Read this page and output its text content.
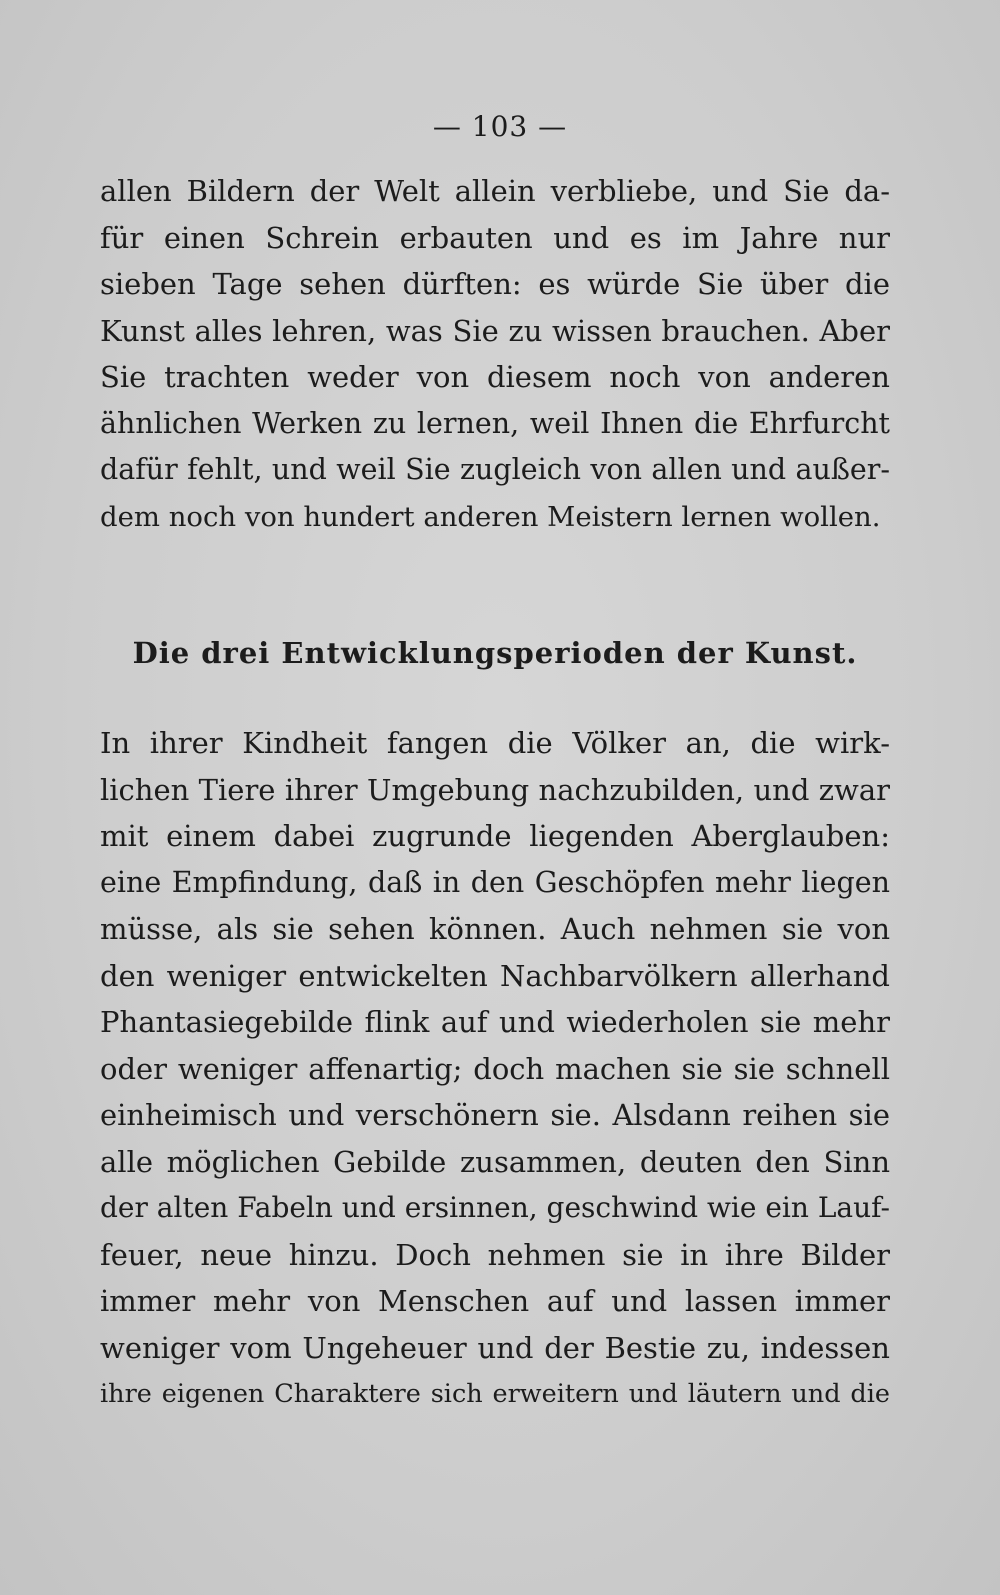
— 103 —
allen Bildern der Welt allein verbliebe, und Sie da-
für einen Schrein erbauten und es im Jahre nur
sieben Tage sehen dürften: es würde Sie über die
Kunst alles lehren, was Sie zu wissen brauchen. Aber
Sie trachten weder von diesem noch von anderen
ähnlichen Werken zu lernen, weil Ihnen die Ehrfurcht
dafür fehlt, und weil Sie zugleich von allen und außer-
dem noch von hundert anderen Meistern lernen wollen.
Die drei Entwicklungsperioden der Kunst.
In ihrer Kindheit fangen die Völker an, die wirk-
lichen Tiere ihrer Umgebung nachzubilden, und zwar
mit einem dabei zugrunde liegenden Aberglauben:
eine Empfindung, daß in den Geschöpfen mehr liegen
müsse, als sie sehen können. Auch nehmen sie von
den weniger entwickelten Nachbarvölkern allerhand
Phantasiegebilde flink auf und wiederholen sie mehr
oder weniger affenartig; doch machen sie sie schnell
einheimisch und verschönern sie. Alsdann reihen sie
alle möglichen Gebilde zusammen, deuten den Sinn
der alten Fabeln und ersinnen, geschwind wie ein Lauf-
feuer, neue hinzu. Doch nehmen sie in ihre Bilder
immer mehr von Menschen auf und lassen immer
weniger vom Ungeheuer und der Bestie zu, indessen
ihre eigenen Charaktere sich erweitern und läutern und die
